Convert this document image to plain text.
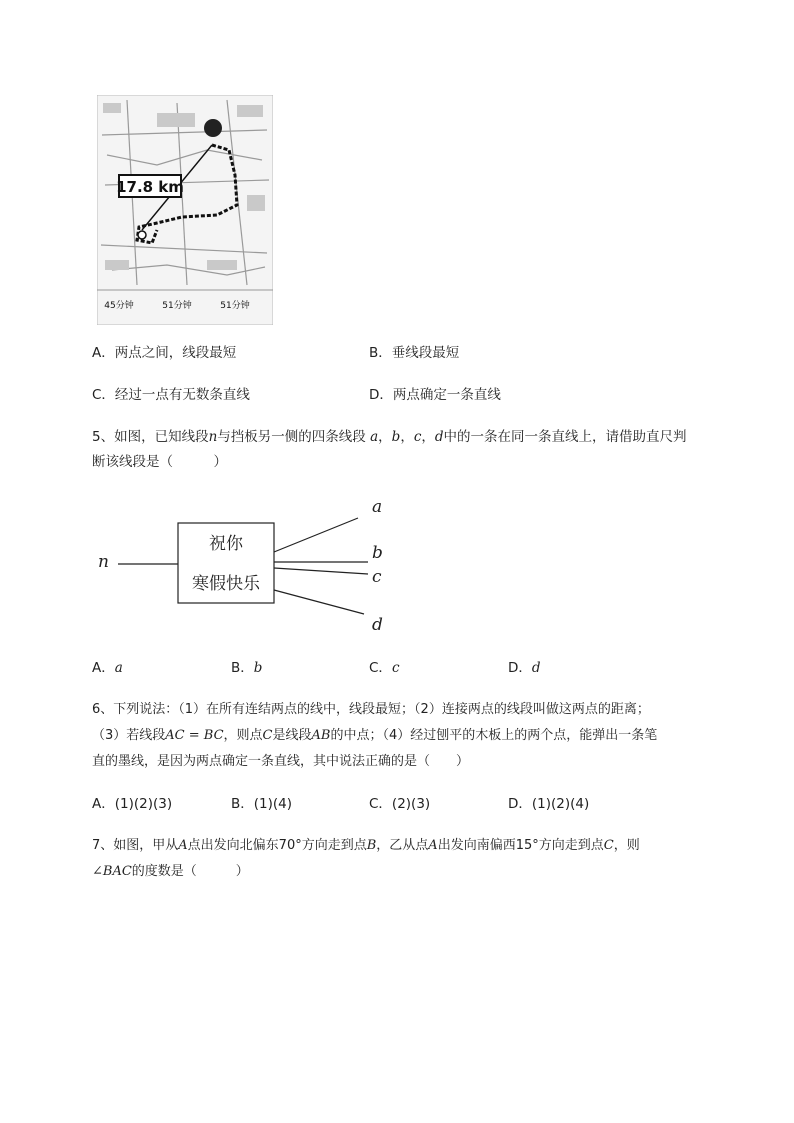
17.8 km
45分钟	51分钟	51分钟
A．两点之间，线段最短	B．垂线段最短
C．经过一点有无数条直线	D．两点确定一条直线
5、如图，已知线段n与挡板另一侧的四条线段 a，b，c，d中的一条在同一条直线上，请借助直尺判
断该线段是（　　　）
祝你
寒假快乐
n
a
b
c
d
A．a	B．b	C．c	D．d
6、下列说法：（1）在所有连结两点的线中，线段最短；（2）连接两点的线段叫做这两点的距离；
（3）若线段AC = BC，则点C是线段AB的中点；（4）经过刨平的木板上的两个点，能弹出一条笔
直的墨线，是因为两点确定一条直线，其中说法正确的是（　　）
A．(1)(2)(3)	B．(1)(4)	C．(2)(3)	D．(1)(2)(4)
7、如图，甲从A点出发向北偏东70°方向走到点B，乙从点A出发向南偏西15°方向走到点C，则
∠BAC的度数是（　　　）
